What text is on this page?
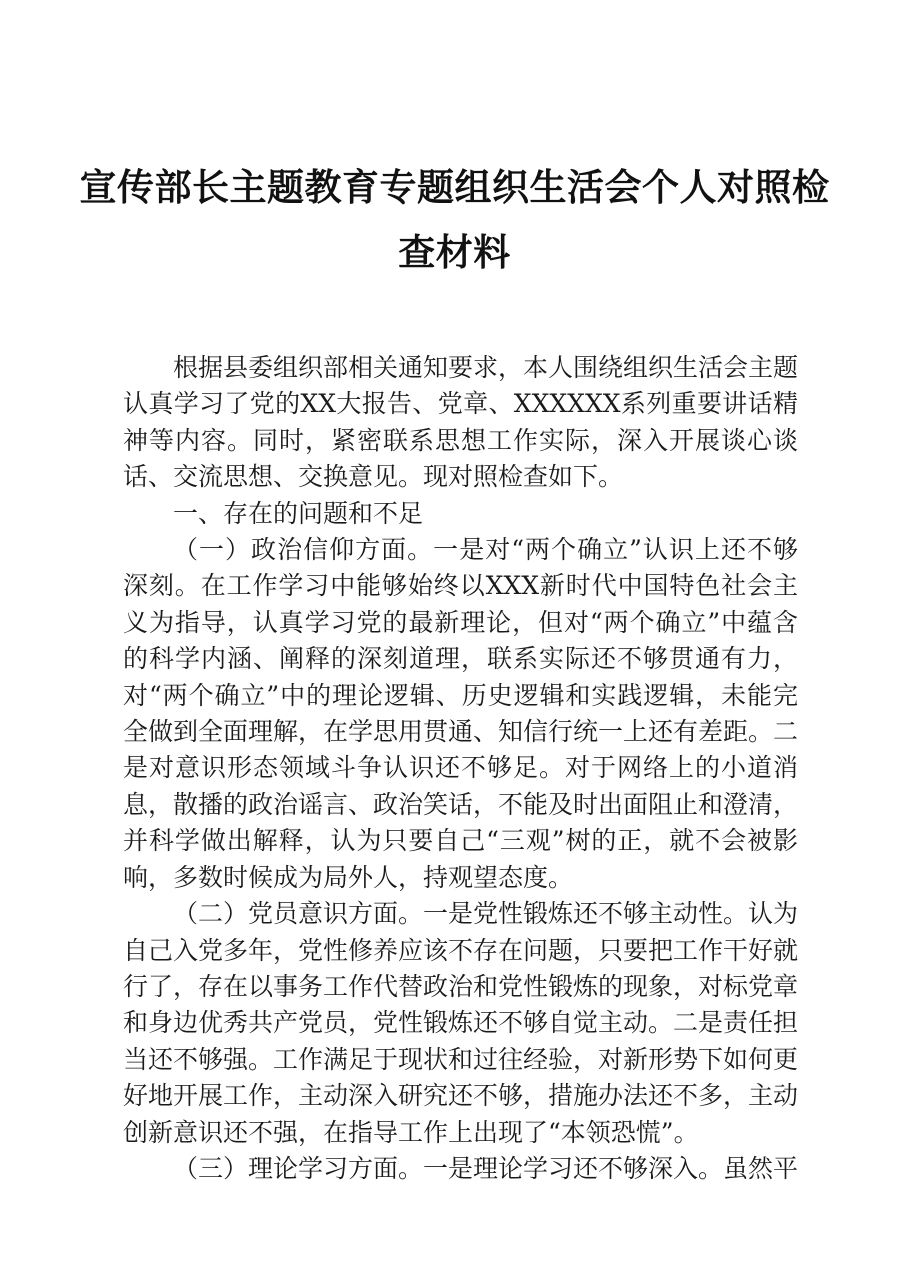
宣传部长主题教育专题组织生活会个人对照检
查材料

根据县委组织部相关通知要求，本人围绕组织生活会主题认真学习了党的XX大报告、党章、XXXXXX系列重要讲话精神等内容。同时，紧密联系思想工作实际，深入开展谈心谈话、交流思想、交换意见。现对照检查如下。

一、存在的问题和不足

（一）政治信仰方面。一是对“两个确立”认识上还不够深刻。在工作学习中能够始终以XXX新时代中国特色社会主义为指导，认真学习党的最新理论，但对“两个确立”中蕴含的科学内涵、阐释的深刻道理，联系实际还不够贯通有力，对“两个确立”中的理论逻辑、历史逻辑和实践逻辑，未能完全做到全面理解，在学思用贯通、知信行统一上还有差距。二是对意识形态领域斗争认识还不够足。对于网络上的小道消息，散播的政治谣言、政治笑话，不能及时出面阻止和澄清，并科学做出解释，认为只要自己“三观”树的正，就不会被影响，多数时候成为局外人，持观望态度。

（二）党员意识方面。一是党性锻炼还不够主动性。认为自己入党多年，党性修养应该不存在问题，只要把工作干好就行了，存在以事务工作代替政治和党性锻炼的现象，对标党章和身边优秀共产党员，党性锻炼还不够自觉主动。二是责任担当还不够强。工作满足于现状和过往经验，对新形势下如何更好地开展工作，主动深入研究还不够，措施办法还不多，主动创新意识还不强，在指导工作上出现了“本领恐慌”。

（三）理论学习方面。一是理论学习还不够深入。虽然平
